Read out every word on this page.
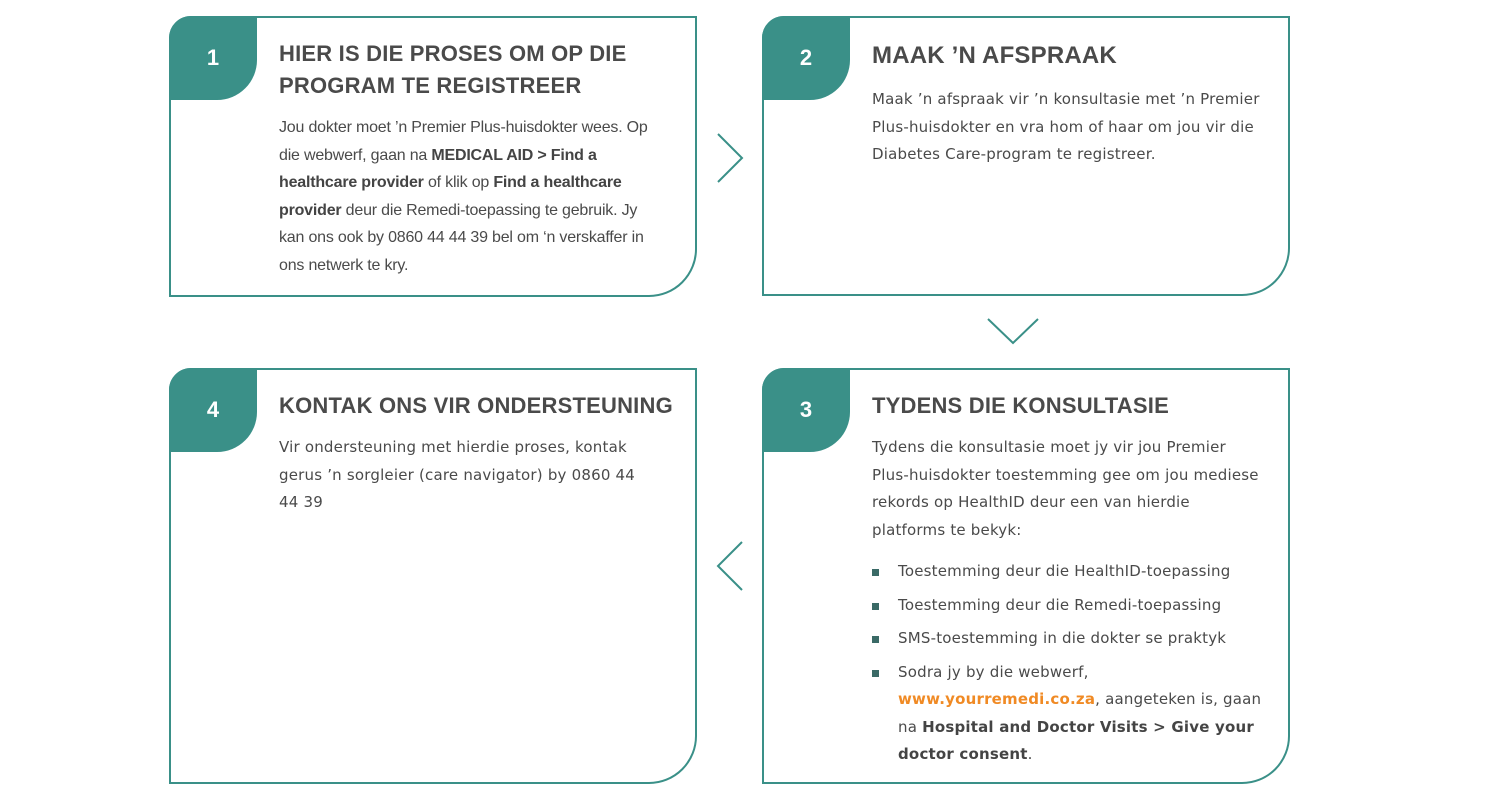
1	HIER IS DIE PROSES OM OP DIE
PROGRAM TE REGISTREER

Jou dokter moet ’n Premier Plus-huisdokter wees. Op die webwerf, gaan na MEDICAL AID > Find a healthcare provider of klik op Find a healthcare provider deur die Remedi-toepassing te gebruik. Jy kan ons ook by 0860 44 44 39 bel om ‘n verskaffer in ons netwerk te kry.

2 MAAK ’N AFSPRAAK

Maak ’n afspraak vir ’n konsultasie met ’n Premier Plus-huisdokter en vra hom of haar om jou vir die Diabetes Care-program te registreer.

4	KONTAK ONS VIR ONDERSTEUNING

Vir ondersteuning met hierdie proses, kontak gerus ’n sorgleier (care navigator) by 0860 44 44 39

3	TYDENS DIE KONSULTASIE

Tydens die konsultasie moet jy vir jou Premier Plus-huisdokter toestemming gee om jou mediese rekords op HealthID deur een van hierdie platforms te bekyk:

Toestemming deur die HealthID-toepassing
Toestemming deur die Remedi-toepassing
SMS-toestemming in die dokter se praktyk
Sodra jy by die webwerf, www.yourremedi.co.za, aangeteken is, gaan na Hospital and Doctor Visits > Give your doctor consent.
